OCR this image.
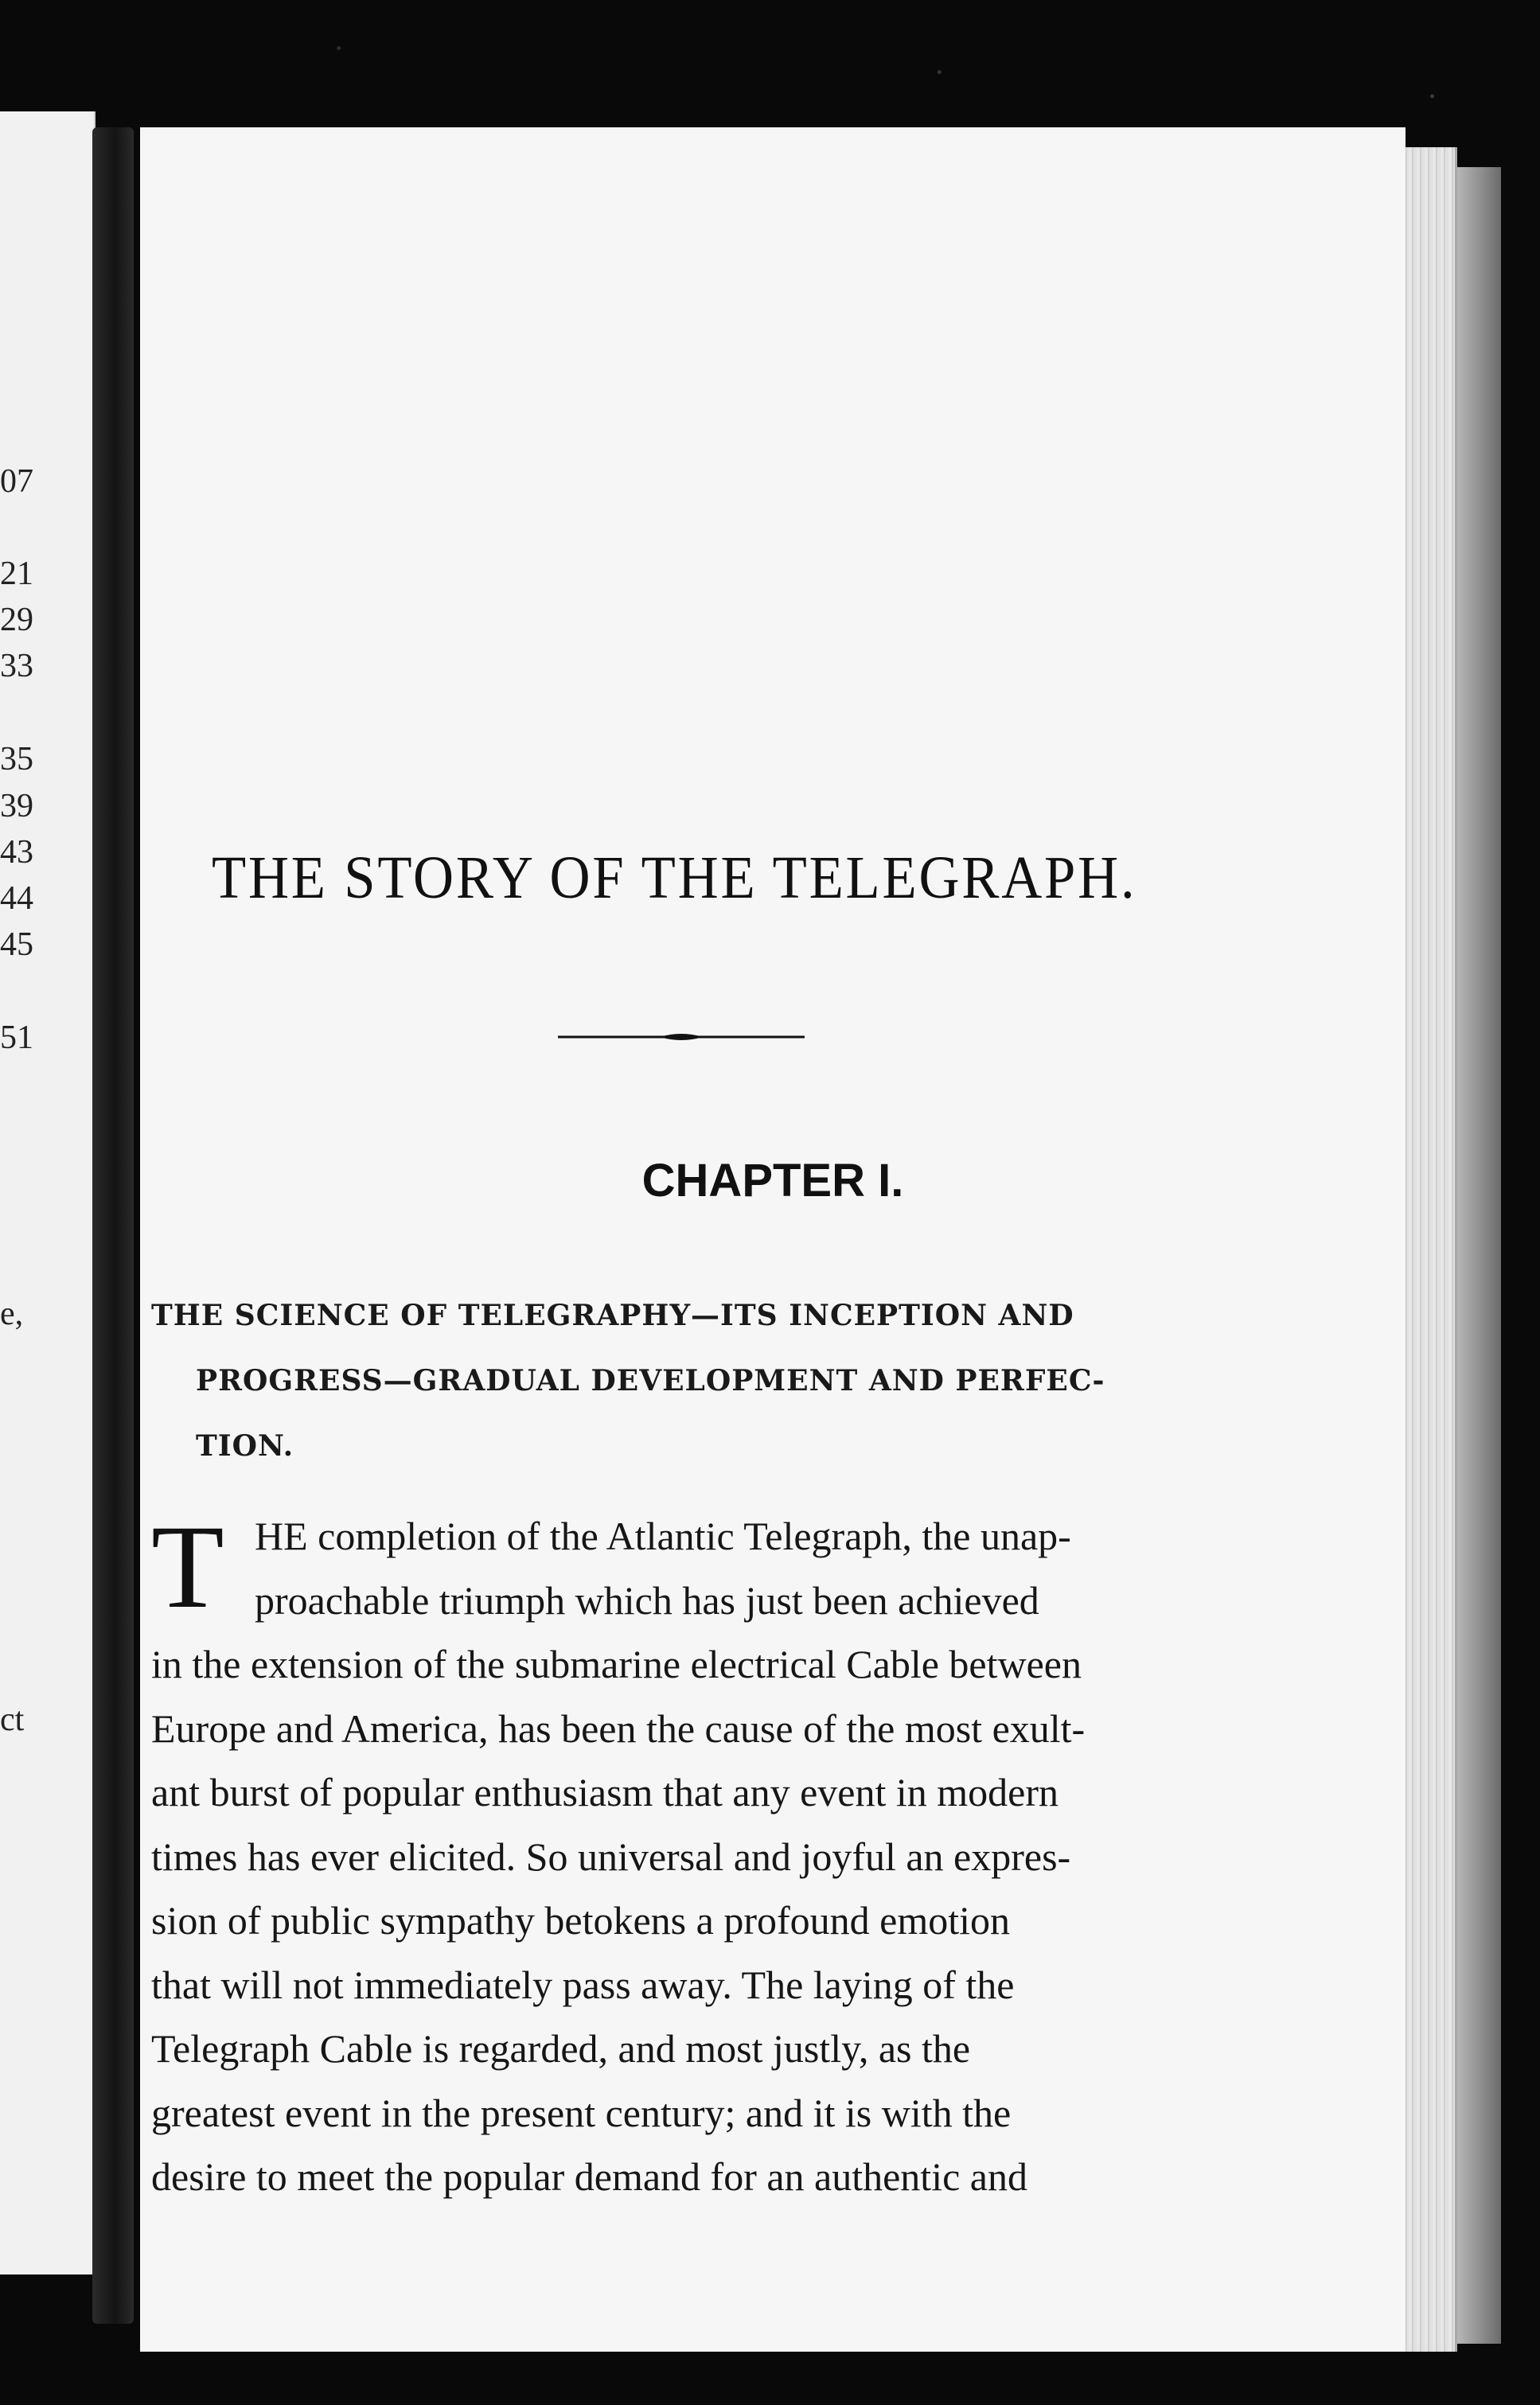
07
21
29
33
35
39
43
44
45
51
e,
ct
THE STORY OF THE TELEGRAPH.
CHAPTER I.
THE SCIENCE OF TELEGRAPHY—ITS INCEPTION AND
PROGRESS—GRADUAL DEVELOPMENT AND PERFEC-
TION.
T HE completion of the Atlantic Telegraph, the unap-
proachable triumph which has just been achieved
in the extension of the submarine electrical Cable between
Europe and America, has been the cause of the most exult-
ant burst of popular enthusiasm that any event in modern
times has ever elicited. So universal and joyful an expres-
sion of public sympathy betokens a profound emotion
that will not immediately pass away. The laying of the
Telegraph Cable is regarded, and most justly, as the
greatest event in the present century; and it is with the
desire to meet the popular demand for an authentic and
